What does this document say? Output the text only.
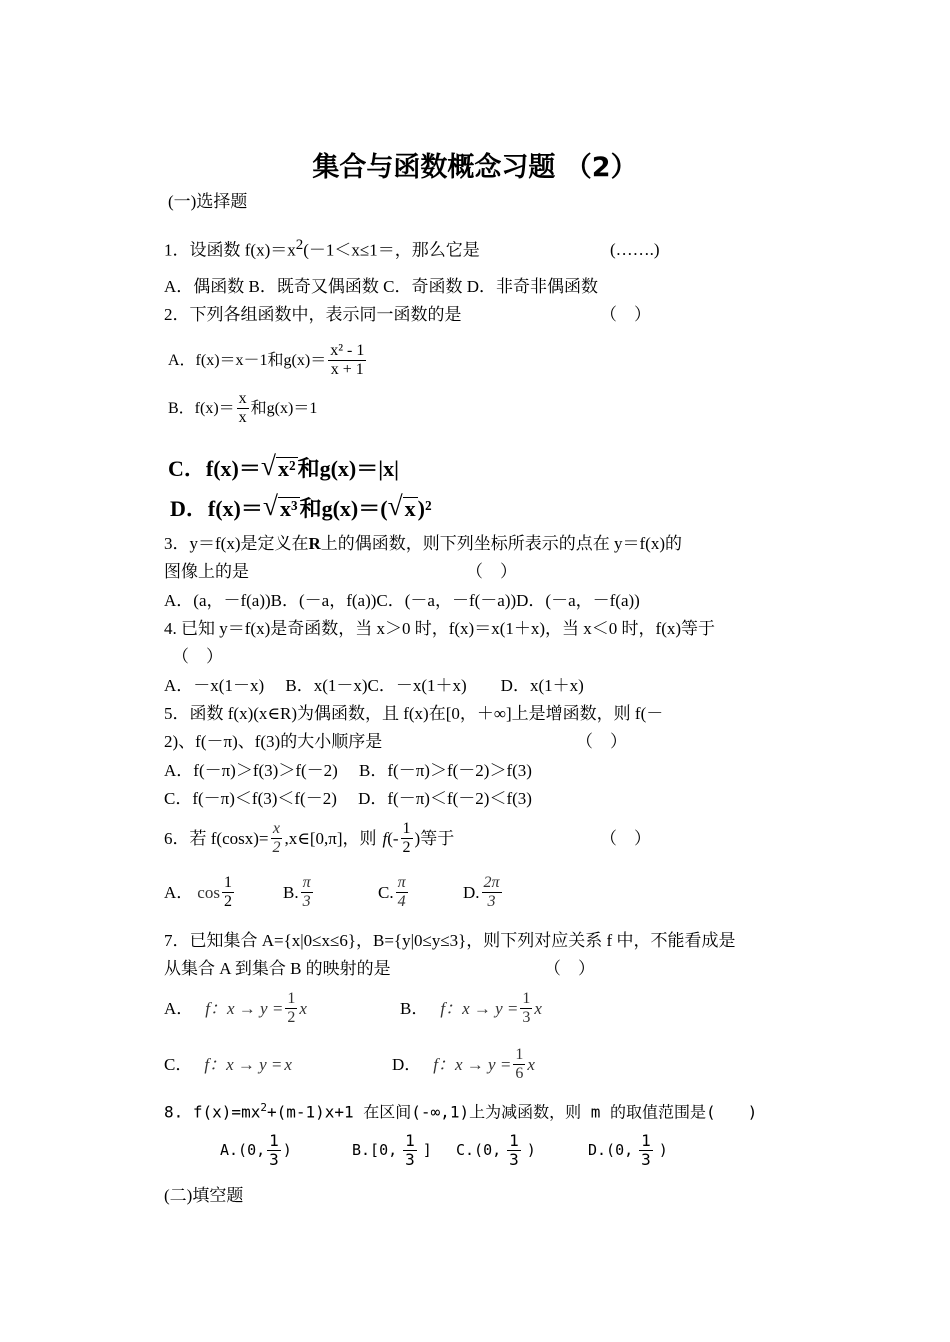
集合与函数概念习题 （2）
(一)选择题
1．设函数 $f(x)=x^2(-1<x\le 1=$，那么它是	(…….)
A．偶函数 B．既奇又偶函数 C．奇函数 D．非奇非偶函数
2．下列各组函数中，表示同一函数的是	（　）
A．f(x)＝x－1和$g(x)= \frac{\text{x² - 1}}{x + 1}$
B．$f(x)= \frac{x}{x}$ 和g(x)＝1
C．f(x)＝ √ x² 和g(x)＝|x|
D．f(x)＝ √ x³ 和g(x)＝( √ x )²
3．y＝f(x)是定义在R上的偶函数，则下列坐标所表示的点在 y＝f(x)的
图像上的是	（　）
A．(a，－f(a))B．(－a，f(a))C．(－a，－f(－a))D．(－a，－f(a))
4. 已知 y＝f(x)是奇函数，当 x＞0 时，f(x)＝x(1＋x)，当 x＜0 时，f(x)等于
（　）
A．－x(1－x)　 B．x(1－x)C．－x(1＋x)　　D．x(1＋x)
5．函数 f(x)(x∈R)为偶函数，且 f(x)在[0，＋∞]上是增函数，则 f(－
2)、f(－π)、f(3)的大小顺序是	（　）
A．f(－π)＞f(3)＞f(－2)　 B．f(－π)＞f(－2)＞f(3)
C．f(－π)＜f(3)＜f(－2)　 D．f(－π)＜f(－2)＜f(3)
6．若 $f(\cos x)= \frac{x}{2}$ ,x∈[0,π]，则 f (- $\frac{1}{2}$ )等于	（　）
A． $\cos \frac{1}{2}$	B. $\frac{\pi}{3}$	C. $\frac{\pi}{4}$	D. $\frac{2\pi}{3}$
7．已知集合 A={x|0≤x≤6}，B={y|0≤y≤3}，则下列对应关系 f 中，不能看成是
从集合 A 到集合 B 的映射的是	（　）
A． f：$x \to y = \frac{1}{2}$ x	B． f：$x \to y = \frac{1}{3}$ x
C． f：x → y = x	D． f：$x \to y = \frac{1}{6}$ x
8. $f(x)=mx^2+(m-1)x+1$ 在区间(-∞,1)上为减函数，则 m 的取值范围是(　　)
A.(0, $\frac{1}{3}$ )	B.[0, $\frac{1}{3}$ ] C.(0, $\frac{1}{3}$ )	D.(0, $\frac{1}{3}$ )
(二)填空题
